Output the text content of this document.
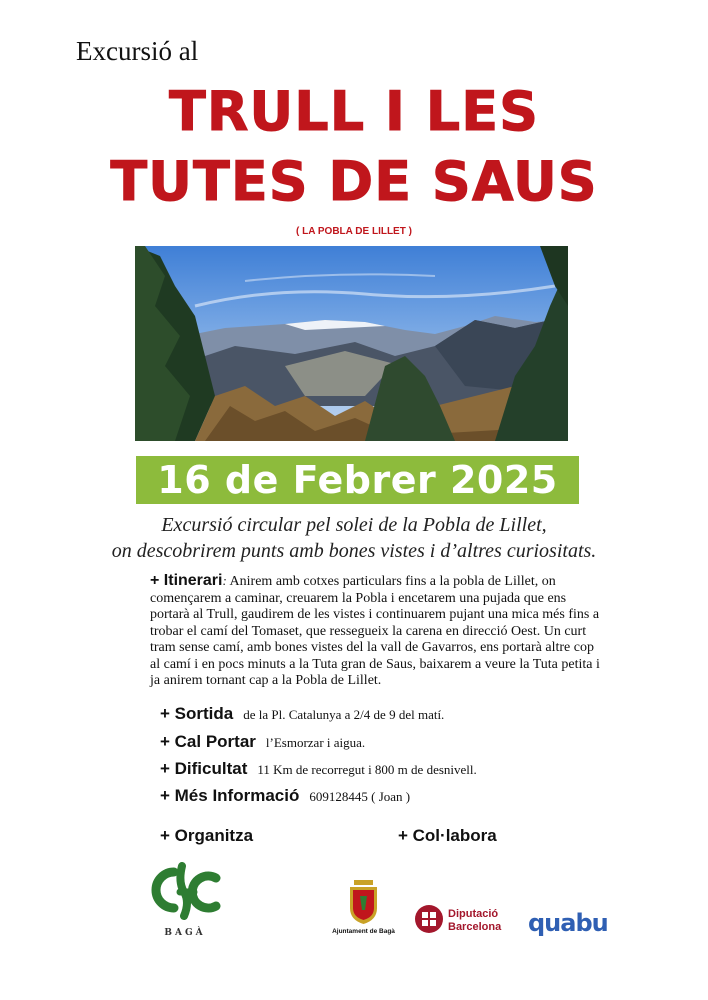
Excursió al
TRULL I LES
TUTES DE SAUS
( LA POBLA DE LILLET )
16 de Febrer 2025
Excursió circular pel solei de la Pobla de Lillet,
on descobrirem punts amb bones vistes i d’altres curiositats.
+ Itinerari: Anirem amb cotxes particulars fins a la pobla de Lillet, on començarem a caminar, creuarem la Pobla i encetarem una pujada que ens portarà al Trull, gaudirem de les vistes i continuarem pujant una mica més fins a trobar el camí del Tomaset, que ressegueix la carena en direcció Oest. Un curt tram sense camí, amb bones vistes del la vall de Gavarros, ens portarà altre cop al camí i en pocs minuts a la Tuta gran de Saus, baixarem a veure la Tuta petita i ja anirem tornant cap a la Pobla de Lillet.
+ Sortida de la Pl. Catalunya a 2/4 de 9 del matí.
+ Cal Portar l’Esmorzar i aigua.
+ Dificultat 11 Km de recorregut i 800 m de desnivell.
+ Més Informació 609128445 ( Joan )
+ Organitza	+ Col·labora
BAGÀ	Ajuntament de Bagà
Diputació
Barcelona quabu
